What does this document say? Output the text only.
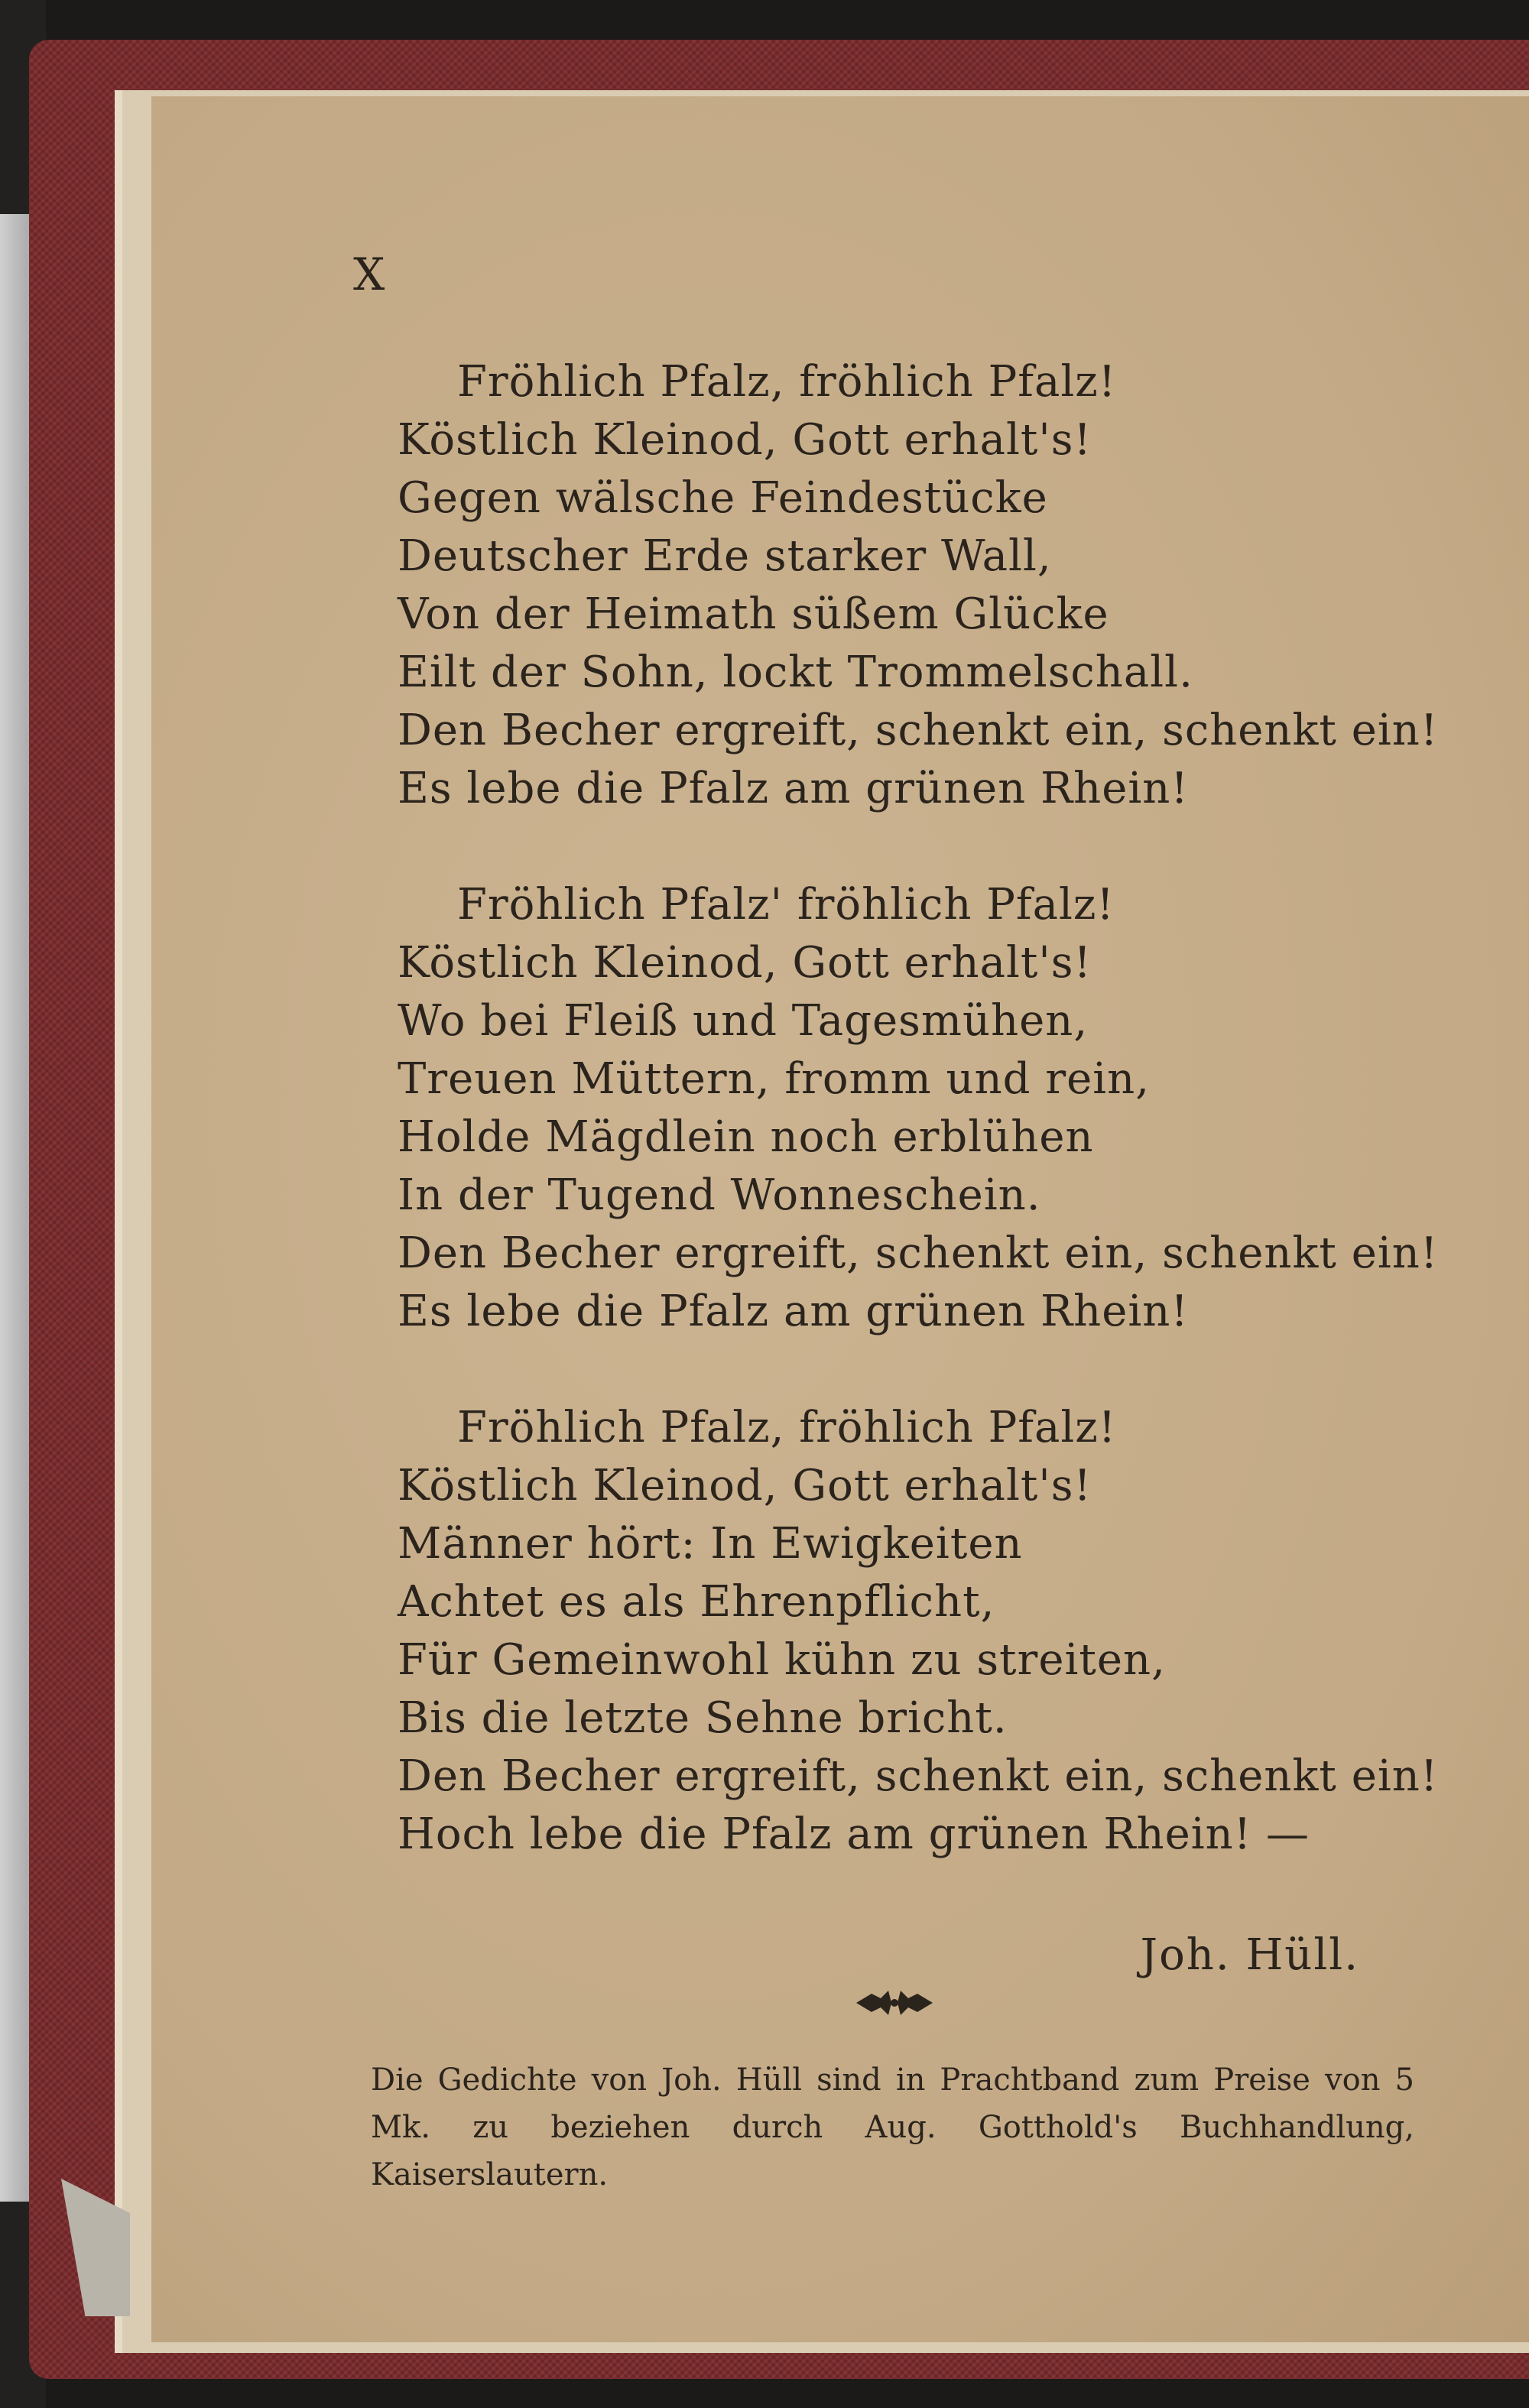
X

Fröhlich Pfalz, fröhlich Pfalz!

Köstlich Kleinod, Gott erhalt's!

Gegen wälsche Feindestücke

Deutscher Erde starker Wall,

Von der Heimath süßem Glücke

Eilt der Sohn, lockt Trommelschall.

Den Becher ergreift, schenkt ein, schenkt ein!

Es lebe die Pfalz am grünen Rhein!

Fröhlich Pfalz' fröhlich Pfalz!

Köstlich Kleinod, Gott erhalt's!

Wo bei Fleiß und Tagesmühen,

Treuen Müttern, fromm und rein,

Holde Mägdlein noch erblühen

In der Tugend Wonneschein.

Den Becher ergreift, schenkt ein, schenkt ein!

Es lebe die Pfalz am grünen Rhein!

Fröhlich Pfalz, fröhlich Pfalz!

Köstlich Kleinod, Gott erhalt's!

Männer hört: In Ewigkeiten

Achtet es als Ehrenpflicht,

Für Gemeinwohl kühn zu streiten,

Bis die letzte Sehne bricht.

Den Becher ergreift, schenkt ein, schenkt ein!

Hoch lebe die Pfalz am grünen Rhein! —

Joh. Hüll.

Die Gedichte von Joh. Hüll sind in Prachtband zum Preise von 5 Mk. zu beziehen durch Aug. Gotthold's Buchhandlung, Kaiserslautern.
